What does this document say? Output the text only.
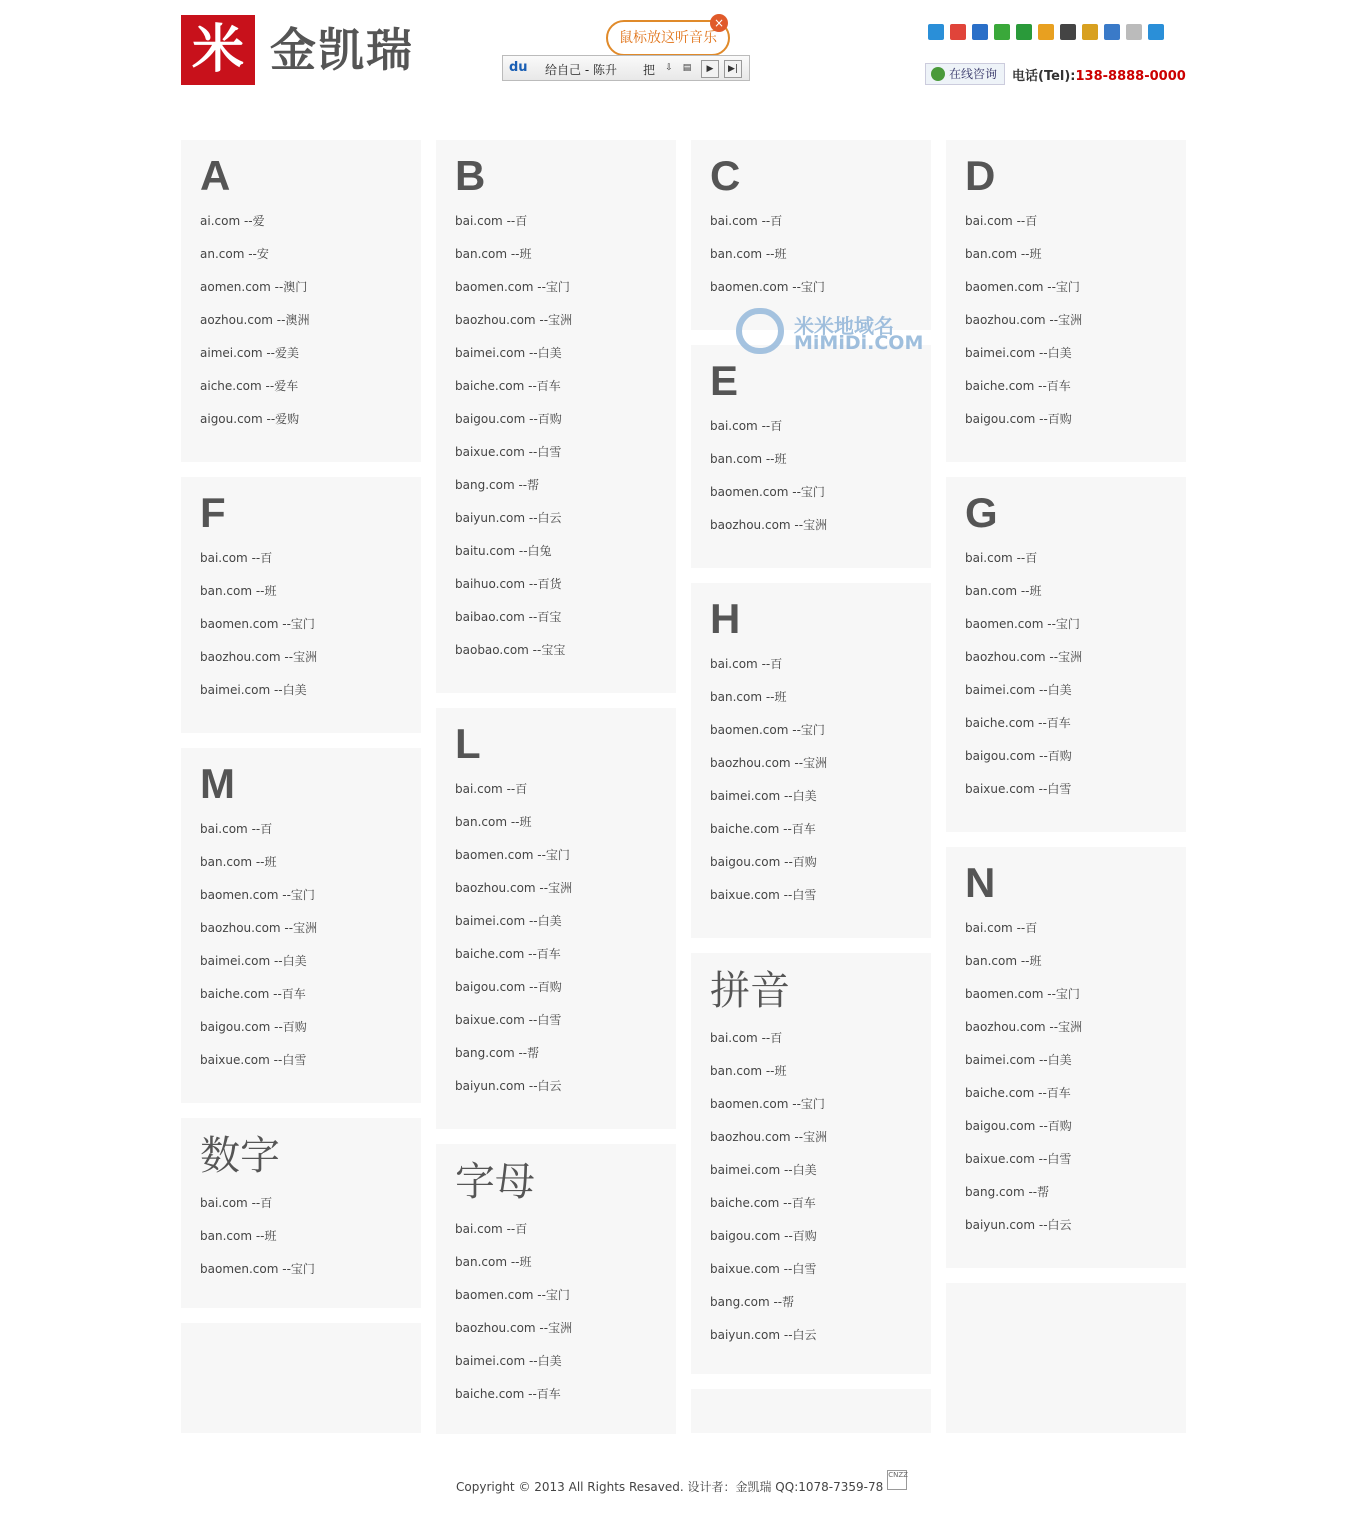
米 金凯瑞	鼠标放这听音乐
×
du 给自己 - 陈升 把	⇩	▤	▶	▶|	在线咨询	电话(Tel):138-8888-0000
A
ai.com --爱
an.com --安
aomen.com --澳门
aozhou.com --澳洲
aimei.com --爱美
aiche.com --爱车
aigou.com --爱购
F
bai.com --百
ban.com --班
baomen.com --宝门
baozhou.com --宝洲
baimei.com --白美
M
bai.com --百
ban.com --班
baomen.com --宝门
baozhou.com --宝洲
baimei.com --白美
baiche.com --百车
baigou.com --百购
baixue.com --白雪
数字
bai.com --百
ban.com --班
baomen.com --宝门
B
bai.com --百
ban.com --班
baomen.com --宝门
baozhou.com --宝洲
baimei.com --白美
baiche.com --百车
baigou.com --百购
baixue.com --白雪
bang.com --帮
baiyun.com --白云
baitu.com --白兔
baihuo.com --百货
baibao.com --百宝
baobao.com --宝宝
L
bai.com --百
ban.com --班
baomen.com --宝门
baozhou.com --宝洲
baimei.com --白美
baiche.com --百车
baigou.com --百购
baixue.com --白雪
bang.com --帮
baiyun.com --白云
字母
bai.com --百
ban.com --班
baomen.com --宝门
baozhou.com --宝洲
baimei.com --白美
baiche.com --百车
C
bai.com --百
ban.com --班
baomen.com --宝门
E
bai.com --百
ban.com --班
baomen.com --宝门
baozhou.com --宝洲
H
bai.com --百
ban.com --班
baomen.com --宝门
baozhou.com --宝洲
baimei.com --白美
baiche.com --百车
baigou.com --百购
baixue.com --白雪
拼音
bai.com --百
ban.com --班
baomen.com --宝门
baozhou.com --宝洲
baimei.com --白美
baiche.com --百车
baigou.com --百购
baixue.com --白雪
bang.com --帮
baiyun.com --白云
D
bai.com --百
ban.com --班
baomen.com --宝门
baozhou.com --宝洲
baimei.com --白美
baiche.com --百车
baigou.com --百购
G
bai.com --百
ban.com --班
baomen.com --宝门
baozhou.com --宝洲
baimei.com --白美
baiche.com --百车
baigou.com --百购
baixue.com --白雪
N
bai.com --百
ban.com --班
baomen.com --宝门
baozhou.com --宝洲
baimei.com --白美
baiche.com --百车
baigou.com --百购
baixue.com --白雪
bang.com --帮
baiyun.com --白云
米米地域名
MiMiDi.COM
Copyright © 2013 All Rights Resaved. 设计者：金凯瑞 QQ:1078-7359-78CNZZ
